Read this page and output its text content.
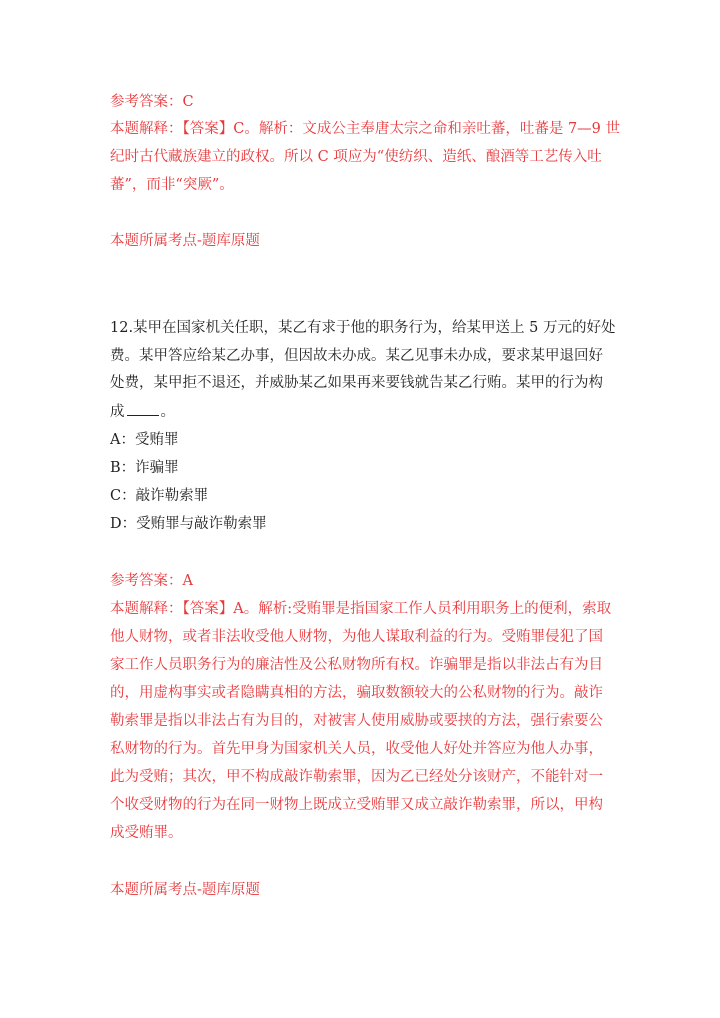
参考答案：C
本题解释：【答案】C。解析：文成公主奉唐太宗之命和亲吐蕃，吐蕃是 7—9 世
纪时古代藏族建立的政权。所以 C 项应为“使纺织、造纸、酿酒等工艺传入吐
蕃”，而非“突厥”。
本题所属考点-题库原题
12.某甲在国家机关任职，某乙有求于他的职务行为，给某甲送上 5 万元的好处
费。某甲答应给某乙办事，但因故未办成。某乙见事未办成，要求某甲退回好
处费，某甲拒不退还，并威胁某乙如果再来要钱就告某乙行贿。某甲的行为构
成 。
A：受贿罪
B：诈骗罪
C：敲诈勒索罪
D：受贿罪与敲诈勒索罪
参考答案：A
本题解释：【答案】A。解析:受贿罪是指国家工作人员利用职务上的便利，索取
他人财物，或者非法收受他人财物，为他人谋取利益的行为。受贿罪侵犯了国
家工作人员职务行为的廉洁性及公私财物所有权。诈骗罪是指以非法占有为目
的，用虚构事实或者隐瞒真相的方法，骗取数额较大的公私财物的行为。敲诈
勒索罪是指以非法占有为目的，对被害人使用威胁或要挟的方法，强行索要公
私财物的行为。首先甲身为国家机关人员，收受他人好处并答应为他人办事，
此为受贿；其次，甲不构成敲诈勒索罪，因为乙已经处分该财产，不能针对一
个收受财物的行为在同一财物上既成立受贿罪又成立敲诈勒索罪，所以，甲构
成受贿罪。
本题所属考点-题库原题
